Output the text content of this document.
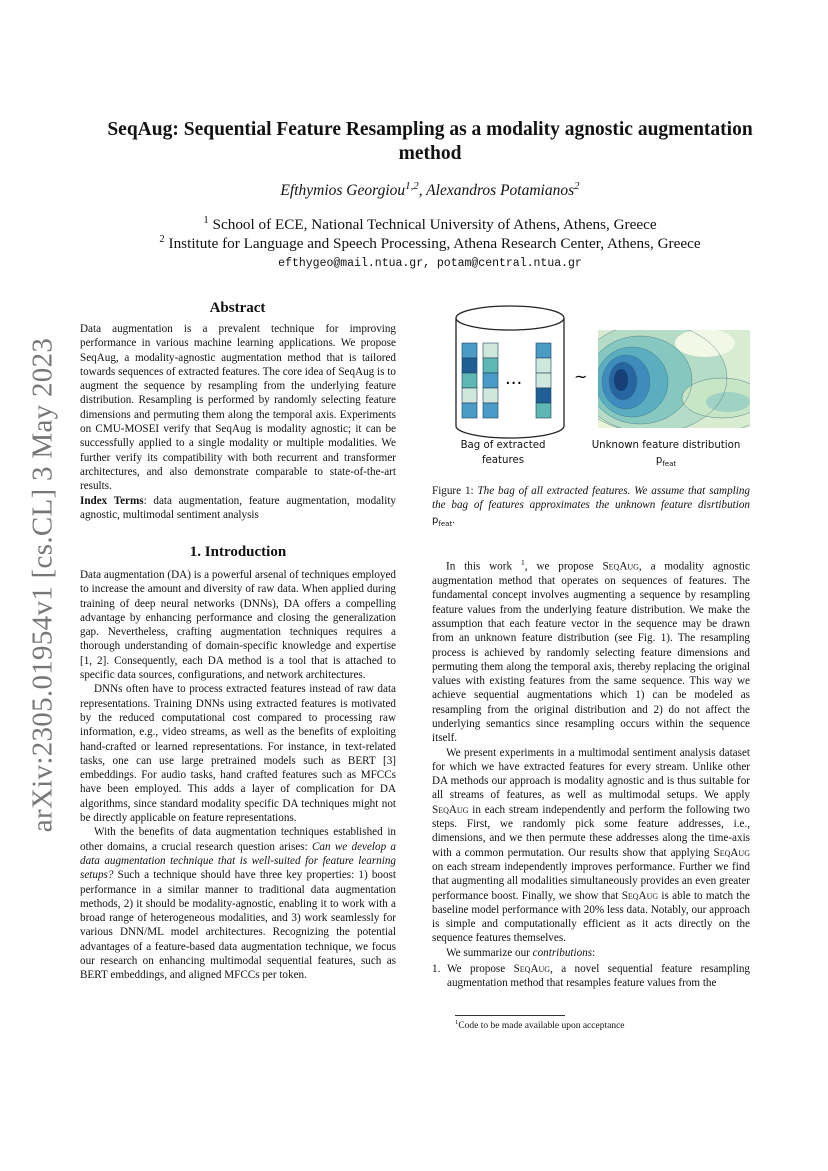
arXiv:2305.01954v1 [cs.CL] 3 May 2023
SeqAug: Sequential Feature Resampling as a modality agnostic augmentation
method
Efthymios Georgiou$^{1,2}$, Alexandros Potamianos$^2$
$^1$ School of ECE, National Technical University of Athens, Athens, Greece
$^2$ Institute for Language and Speech Processing, Athena Research Center, Athens, Greece
efthygeo@mail.ntua.gr, potam@central.ntua.gr
Abstract

Data augmentation is a prevalent technique for improving performance in various machine learning applications. We propose SeqAug, a modality-agnostic augmentation method that is tailored towards sequences of extracted features. The core idea of SeqAug is to augment the sequence by resampling from the underlying feature distribution. Resampling is performed by randomly selecting feature dimensions and permuting them along the temporal axis. Experiments on CMU-MOSEI verify that SeqAug is modality agnostic; it can be successfully applied to a single modality or multiple modalities. We further verify its compatibility with both recurrent and transformer architectures, and also demonstrate comparable to state-of-the-art results.

Index Terms: data augmentation, feature augmentation, modality agnostic, multimodal sentiment analysis

1. Introduction

Data augmentation (DA) is a powerful arsenal of techniques employed to increase the amount and diversity of raw data. When applied during training of deep neural networks (DNNs), DA offers a compelling advantage by enhancing performance and closing the generalization gap. Nevertheless, crafting augmentation techniques requires a thorough understanding of domain-specific knowledge and expertise [1, 2]. Consequently, each DA method is a tool that is attached to specific data sources, configurations, and network architectures.

DNNs often have to process extracted features instead of raw data representations. Training DNNs using extracted features is motivated by the reduced computational cost compared to processing raw information, e.g., video streams, as well as the benefits of exploiting hand-crafted or learned representations. For instance, in text-related tasks, one can use large pretrained models such as BERT [3] embeddings. For audio tasks, hand crafted features such as MFCCs have been employed. This adds a layer of complication for DA algorithms, since standard modality specific DA techniques might not be directly applicable on feature representations.

With the benefits of data augmentation techniques established in other domains, a crucial research question arises: Can we develop a data augmentation technique that is well-suited for feature learning setups? Such a technique should have three key properties: 1) boost performance in a similar manner to traditional data augmentation methods, 2) it should be modality-agnostic, enabling it to work with a broad range of heterogeneous modalities, and 3) work seamlessly for various DNN/ML model architectures. Recognizing the potential advantages of a feature-based data augmentation technique, we focus our research on enhancing multimodal sequential features, such as BERT embeddings, and aligned MFCCs per token.

...	~
Bag of extracted
features
Unknown feature distribution
$p_{feat}$
Figure 1: The bag of all extracted features. We assume that sampling the bag of features approximates the unknown feature disrtibution $p_{feat}$.

In this work $^1$, we propose SeqAug, a modality agnostic augmentation method that operates on sequences of features. The fundamental concept involves augmenting a sequence by resampling feature values from the underlying feature distribution. We make the assumption that each feature vector in the sequence may be drawn from an unknown feature distribution (see Fig. 1). The resampling process is achieved by randomly selecting feature dimensions and permuting them along the temporal axis, thereby replacing the original values with existing features from the same sequence. This way we achieve sequential augmentations which 1) can be modeled as resampling from the original distribution and 2) do not affect the underlying semantics since resampling occurs within the sequence itself.

We present experiments in a multimodal sentiment analysis dataset for which we have extracted features for every stream. Unlike other DA methods our approach is modality agnostic and is thus suitable for all streams of features, as well as multimodal setups. We apply SeqAug in each stream independently and perform the following two steps. First, we randomly pick some feature addresses, i.e., dimensions, and we then permute these addresses along the time-axis with a common permutation. Our results show that applying SeqAug on each stream independently improves performance. Further we find that augmenting all modalities simultaneously provides an even greater performance boost. Finally, we show that SeqAug is able to match the baseline model performance with 20% less data. Notably, our approach is simple and computationally efficient as it acts directly on the sequence features themselves.

We summarize our contributions:

1. We propose SeqAug, a novel sequential feature resampling augmentation method that resamples feature values from the

$^1$Code to be made available upon acceptance
